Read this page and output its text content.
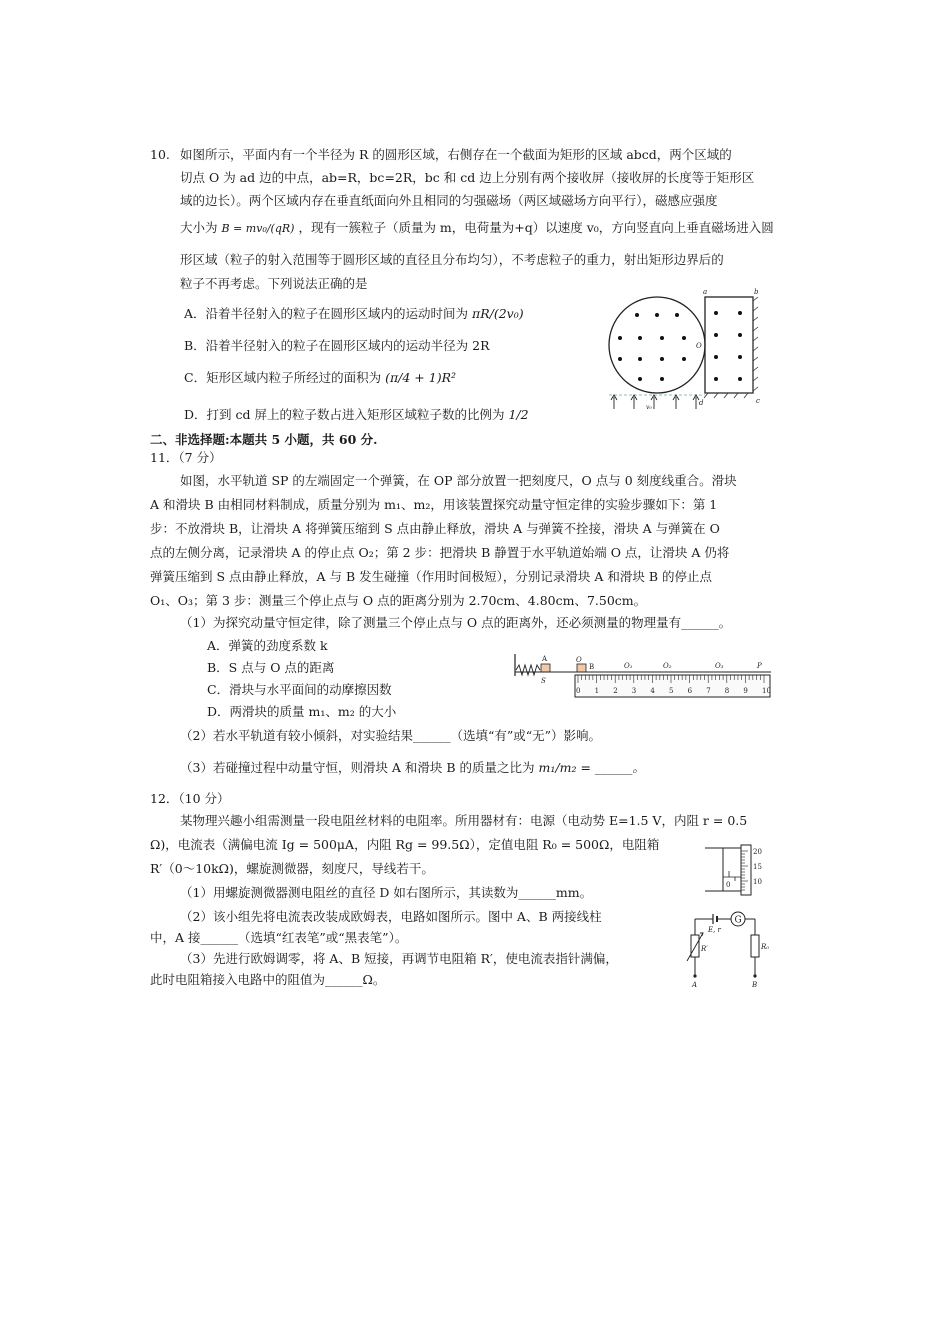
10. 如图所示，平面内有一个半径为 R 的圆形区域，右侧存在一个截面为矩形的区域 abcd，两个区域的
切点 O 为 ad 边的中点，ab=R，bc=2R，bc 和 cd 边上分别有两个接收屏（接收屏的长度等于矩形区
域的边长）。两个区域内存在垂直纸面向外且相同的匀强磁场（两区域磁场方向平行），磁感应强度
大小为 B = mv₀/(qR) ，现有一簇粒子（质量为 m，电荷量为+q）以速度 v₀，方向竖直向上垂直磁场进入圆
形区域（粒子的射入范围等于圆形区域的直径且分布均匀），不考虑粒子的重力，射出矩形边界后的
粒子不再考虑。下列说法正确的是
A．沿着半径射入的粒子在圆形区域内的运动时间为 πR/(2v₀)
B．沿着半径射入的粒子在圆形区域内的运动半径为 2R
C．矩形区域内粒子所经过的面积为 (π/4 + 1)R²
D．打到 cd 屏上的粒子数占进入矩形区域粒子数的比例为 1/2
a	b
c
d
O
v₀
二、非选择题:本题共 5 小题，共 60 分.
11．（7 分）
如图，水平轨道 SP 的左端固定一个弹簧，在 OP 部分放置一把刻度尺，O 点与 0 刻度线重合。滑块
A 和滑块 B 由相同材料制成，质量分别为 m₁、m₂，用该装置探究动量守恒定律的实验步骤如下：第 1
步：不放滑块 B，让滑块 A 将弹簧压缩到 S 点由静止释放，滑块 A 与弹簧不拴接，滑块 A 与弹簧在 O
点的左侧分离，记录滑块 A 的停止点 O₂；第 2 步：把滑块 B 静置于水平轨道始端 O 点，让滑块 A 仍将
弹簧压缩到 S 点由静止释放，A 与 B 发生碰撞（作用时间极短），分别记录滑块 A 和滑块 B 的停止点
O₁、O₃；第 3 步：测量三个停止点与 O 点的距离分别为 2.70cm、4.80cm、7.50cm。
（1）为探究动量守恒定律，除了测量三个停止点与 O 点的距离外，还必须测量的物理量有______。
A．弹簧的劲度系数 k
B．S 点与 O 点的距离
C．滑块与水平面间的动摩擦因数
D．两滑块的质量 m₁、m₂ 的大小
（2）若水平轨道有较小倾斜，对实验结果______（选填“有”或“无”）影响。
（3）若碰撞过程中动量守恒，则滑块 A 和滑块 B 的质量之比为 m₁/m₂ = ______。
0 1 2 3 4 5 6 7 8 9 10
A
B
S
O
O₁	O₂	O₃	P
12．（10 分）
某物理兴趣小组需测量一段电阻丝材料的电阻率。所用器材有：电源（电动势 E=1.5 V，内阻 r = 0.5
Ω)，电流表（满偏电流 Ig = 500μA，内阻 Rg = 99.5Ω），定值电阻 R₀ = 500Ω，电阻箱
R′（0～10kΩ)，螺旋测微器，刻度尺，导线若干。
（1）用螺旋测微器测电阻丝的直径 D 如右图所示，其读数为______mm。
（2）该小组先将电流表改装成欧姆表，电路如图所示。图中 A、B 两接线柱
中，A 接______（选填“红表笔”或“黑表笔”）。
（3）先进行欧姆调零，将 A、B 短接，再调节电阻箱 R′，使电流表指针满偏，
此时电阻箱接入电路中的阻值为______Ω。
20
15
10
0
G
E, r
R′	R₀
A	B
